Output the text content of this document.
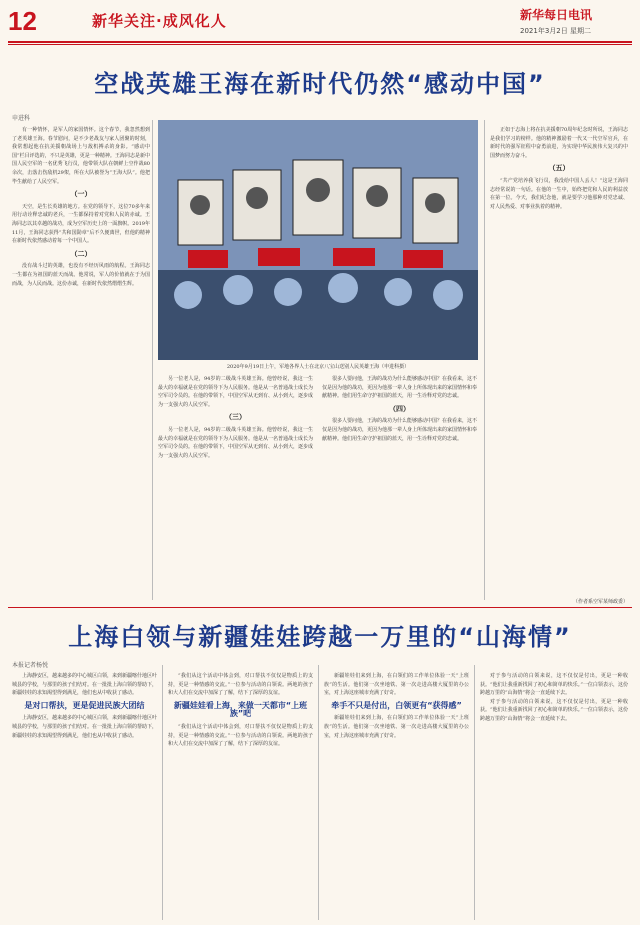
12	新华关注·成风化人	新华每日电讯
2021年3月2日 星期二
空战英雄王海在新时代仍然“感动中国”
申进科

有一种情怀，是军人的家国情怀。这个春节，我忽然想到了老英雄王海。春节慰问，是不少老战友与家人团聚的时刻，我常想起他在抗美援朝战场上与敌机搏杀的身影。“感动中国”栏目评选的，不只是英雄，更是一种精神。王海同志是新中国人民空军的一名优秀飞行员，他带领大队在朝鲜上空作战80余次，击落击伤敌机29架，所在大队被誉为“王海大队”。他把毕生献给了人民空军。

（一）

天空，是生长英雄的地方。在党的领导下，这位70多年来用行动诠释忠诚的老兵，一生都保持着对党和人民的赤诚。王海同志以其卓越的战功，成为空军历史上的一面旗帜。2019年11月，王海同志获得“共和国勋章”后不久便离世，但他的精神在新时代依然感动着每一个中国人。

（二）

没有战斗过的英雄，也没有不经历风雨的航程。王海同志一生都在为祖国的蓝天而战。他常说，军人的价值就在于为国而战，为人民而战。这份赤诚，在新时代依然熠熠生辉。

2020年9月19日上午，军地各界人士在北京八宝山送别人民英雄王海（申进科摄）

另一位老人是，94岁的二级战斗英雄王海。他曾经说，我这一生最大的幸福就是在党的领导下为人民服务。他是从一名普通战士成长为空军司令员的。在他的带领下，中国空军从无到有、从小到大，逐步成为一支强大的人民空军。

（三）

另一位老人是，94岁的二级战斗英雄王海。他曾经说，我这一生最大的幸福就是在党的领导下为人民服务。他是从一名普通战士成长为空军司令员的。在他的带领下，中国空军从无到有、从小到大，逐步成为一支强大的人民空军。

很多人要问他，王海的战功为什么能够感动中国？在我看来，这不仅是因为他的战功，更因为他那一辈人身上所体现出来的家国情怀和奉献精神。他们用生命守护祖国的蓝天，用一生诠释对党的忠诚。

（四）

很多人要问他，王海的战功为什么能够感动中国？在我看来，这不仅是因为他的战功，更因为他那一辈人身上所体现出来的家国情怀和奉献精神。他们用生命守护祖国的蓝天，用一生诠释对党的忠诚。

正如于志海上将在抗美援朝70周年纪念时所说，王海同志是我们学习的榜样。他的精神激励着一代又一代空军官兵，在新时代的强军征程中奋勇前进，为实现中华民族伟大复兴的中国梦而努力奋斗。

（五）

“共产党培养我飞行员，我没给中国人丢人！”这是王海同志经常说的一句话。在他的一生中，始终把党和人民的利益放在第一位。今天，我们纪念他，就是要学习他那种对党忠诚、对人民热爱、对事业执着的精神。

（作者系空军某师政委）
上海白领与新疆娃娃跨越一万里的“山海情”
本报记者杨悦

上海静安区，越来越多的中心城区白领，来到新疆喀什地区叶城县的学校，与那里的孩子们结对。在一批批上海白领的帮助下，新疆娃娃的求知渴望得到满足，他们也从中收获了感动。

是对口帮扶，更是促进民族大团结

上海静安区，越来越多的中心城区白领，来到新疆喀什地区叶城县的学校，与那里的孩子们结对。在一批批上海白领的帮助下，新疆娃娃的求知渴望得到满足，他们也从中收获了感动。

“我们从这个活动中体会到，对口帮扶不仅仅是物质上的支持，更是一种情感的交流。”一位参与活动的白领说。两地的孩子和大人们在交流中加深了了解，结下了深厚的友谊。

新疆娃娃看上海，来做一天都市“上班族”吧

“我们从这个活动中体会到，对口帮扶不仅仅是物质上的支持，更是一种情感的交流。”一位参与活动的白领说。两地的孩子和大人们在交流中加深了了解，结下了深厚的友谊。

新疆娃娃们来到上海，在白领们的工作单位体验一天“上班族”的生活。他们第一次坐地铁、第一次走进高楼大厦里的办公室，对上海这座城市充满了好奇。

牵手不只是付出，白领更有“获得感”

新疆娃娃们来到上海，在白领们的工作单位体验一天“上班族”的生活。他们第一次坐地铁、第一次走进高楼大厦里的办公室，对上海这座城市充满了好奇。

对于参与活动的白领来说，这不仅仅是付出，更是一种收获。“他们让我重新找回了初心和简单的快乐。”一位白领表示，这份跨越万里的“山海情”将会一直延续下去。

对于参与活动的白领来说，这不仅仅是付出，更是一种收获。“他们让我重新找回了初心和简单的快乐。”一位白领表示，这份跨越万里的“山海情”将会一直延续下去。
